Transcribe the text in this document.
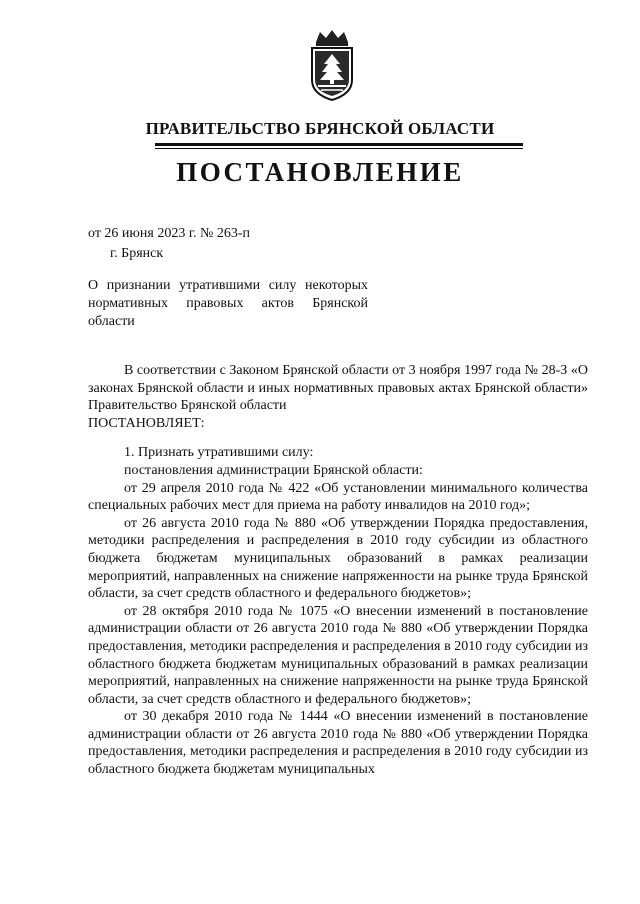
ПРАВИТЕЛЬСТВО БРЯНСКОЙ ОБЛАСТИ
ПОСТАНОВЛЕНИЕ
от 26 июня 2023 г. № 263-п
г. Брянск
О признании утратившими силу некоторых нормативных правовых актов Брянской области

В соответствии с Законом Брянской области от 3 ноября 1997 года № 28-З «О законах Брянской области и иных нормативных правовых актах Брянской области» Правительство Брянской области

ПОСТАНОВЛЯЕТ:

1. Признать утратившими силу:

постановления администрации Брянской области:

от 29 апреля 2010 года № 422 «Об установлении минимального количества специальных рабочих мест для приема на работу инвалидов на 2010 год»;

от 26 августа 2010 года № 880 «Об утверждении Порядка предоставления, методики распределения и распределения в 2010 году субсидии из областного бюджета бюджетам муниципальных образований в рамках реализации мероприятий, направленных на снижение напряженности на рынке труда Брянской области, за счет средств областного и федерального бюджетов»;

от 28 октября 2010 года № 1075 «О внесении изменений в постановление администрации области от 26 августа 2010 года № 880 «Об утверждении Порядка предоставления, методики распределения и распределения в 2010 году субсидии из областного бюджета бюджетам муниципальных образований в рамках реализации мероприятий, направленных на снижение напряженности на рынке труда Брянской области, за счет средств областного и федерального бюджетов»;

от 30 декабря 2010 года № 1444 «О внесении изменений в постановление администрации области от 26 августа 2010 года № 880 «Об утверждении Порядка предоставления, методики распределения и распределения в 2010 году субсидии из областного бюджета бюджетам муниципальных
